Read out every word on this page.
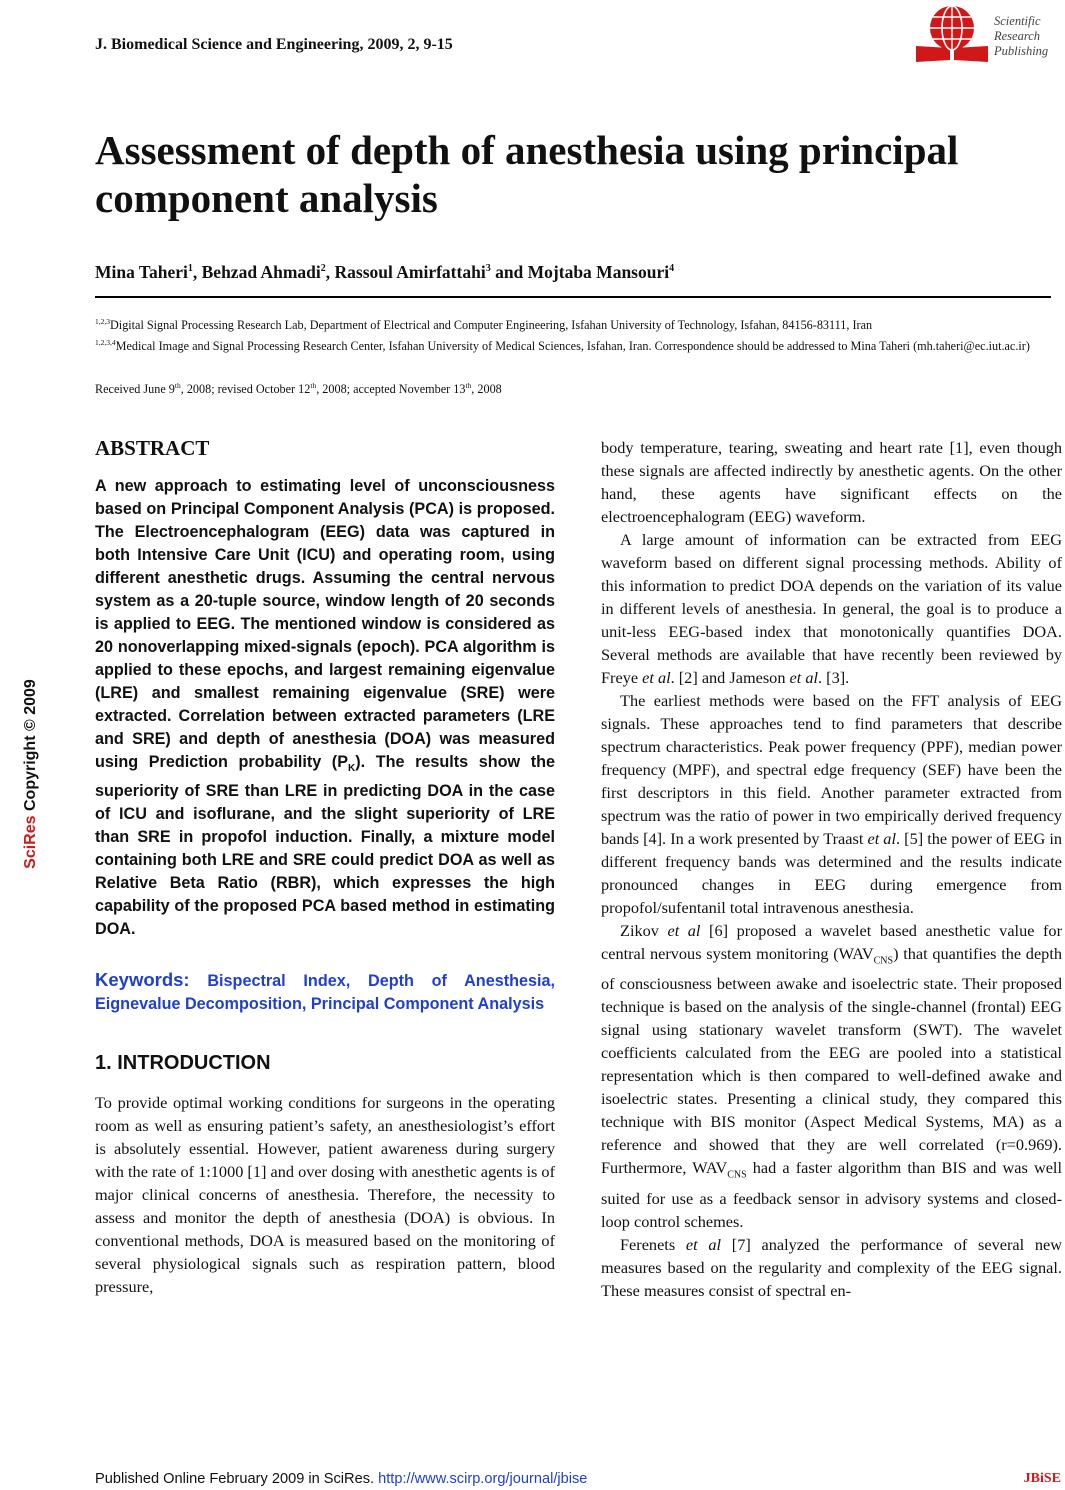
J. Biomedical Science and Engineering, 2009, 2, 9-15
Scientific
Research
Publishing
Assessment of depth of anesthesia using principal component analysis
Mina Taheri$^1$, Behzad Ahmadi$^2$, Rassoul Amirfattahi$^3$ and Mojtaba Mansouri$^4$
$^{1,2,3}$Digital Signal Processing Research Lab, Department of Electrical and Computer Engineering, Isfahan University of Technology, Isfahan, 84156-83111, Iran
$^{1,2,3,4}$Medical Image and Signal Processing Research Center, Isfahan University of Medical Sciences, Isfahan, Iran. Correspondence should be addressed to Mina Taheri (mh.taheri@ec.iut.ac.ir)
Received June 9th, 2008; revised October 12th, 2008; accepted November 13th, 2008
SciRes Copyright © 2009
ABSTRACT

A new approach to estimating level of unconsciousness based on Principal Component Analysis (PCA) is proposed. The Electroencephalogram (EEG) data was captured in both Intensive Care Unit (ICU) and operating room, using different anesthetic drugs. Assuming the central nervous system as a 20-tuple source, window length of 20 seconds is applied to EEG. The mentioned window is considered as 20 nonoverlapping mixed-signals (epoch). PCA algorithm is applied to these epochs, and largest remaining eigenvalue (LRE) and smallest remaining eigenvalue (SRE) were extracted. Correlation between extracted parameters (LRE and SRE) and depth of anesthesia (DOA) was measured using Prediction probability $(P_K)$. The results show the superiority of SRE than LRE in predicting DOA in the case of ICU and isoflurane, and the slight superiority of LRE than SRE in propofol induction. Finally, a mixture model containing both LRE and SRE could predict DOA as well as Relative Beta Ratio (RBR), which expresses the high capability of the proposed PCA based method in estimating DOA.

Keywords: Bispectral Index, Depth of Anesthesia, Eignevalue Decomposition, Principal Component Analysis

1. INTRODUCTION

To provide optimal working conditions for surgeons in the operating room as well as ensuring patient’s safety, an anesthesiologist’s effort is absolutely essential. However, patient awareness during surgery with the rate of 1:1000 [1] and over dosing with anesthetic agents is of major clinical concerns of anesthesia. Therefore, the necessity to assess and monitor the depth of anesthesia (DOA) is obvious. In conventional methods, DOA is measured based on the monitoring of several physiological signals such as respiration pattern, blood pressure,

body temperature, tearing, sweating and heart rate [1], even though these signals are affected indirectly by anesthetic agents. On the other hand, these agents have significant effects on the electroencephalogram (EEG) waveform.

A large amount of information can be extracted from EEG waveform based on different signal processing methods. Ability of this information to predict DOA depends on the variation of its value in different levels of anesthesia. In general, the goal is to produce a unit-less EEG-based index that monotonically quantifies DOA. Several methods are available that have recently been reviewed by Freye et al. [2] and Jameson et al. [3].

The earliest methods were based on the FFT analysis of EEG signals. These approaches tend to find parameters that describe spectrum characteristics. Peak power frequency (PPF), median power frequency (MPF), and spectral edge frequency (SEF) have been the first descriptors in this field. Another parameter extracted from spectrum was the ratio of power in two empirically derived frequency bands [4]. In a work presented by Traast et al. [5] the power of EEG in different frequency bands was determined and the results indicate pronounced changes in EEG during emergence from propofol/sufentanil total intravenous anesthesia.

Zikov et al [6] proposed a wavelet based anesthetic value for central nervous system monitoring $(WAV_{CNS})$ that quantifies the depth of consciousness between awake and isoelectric state. Their proposed technique is based on the analysis of the single-channel (frontal) EEG signal using stationary wavelet transform (SWT). The wavelet coefficients calculated from the EEG are pooled into a statistical representation which is then compared to well-defined awake and isoelectric states. Presenting a clinical study, they compared this technique with BIS monitor (Aspect Medical Systems, MA) as a reference and showed that they are well correlated (r=0.969). Furthermore, $WAV_{CNS}$ had a faster algorithm than BIS and was well suited for use as a feedback sensor in advisory systems and closed-loop control schemes.

Ferenets et al [7] analyzed the performance of several new measures based on the regularity and complexity of the EEG signal. These measures consist of spectral en-

Published Online February 2009 in SciRes. http://www.scirp.org/journal/jbise	JBiSE
